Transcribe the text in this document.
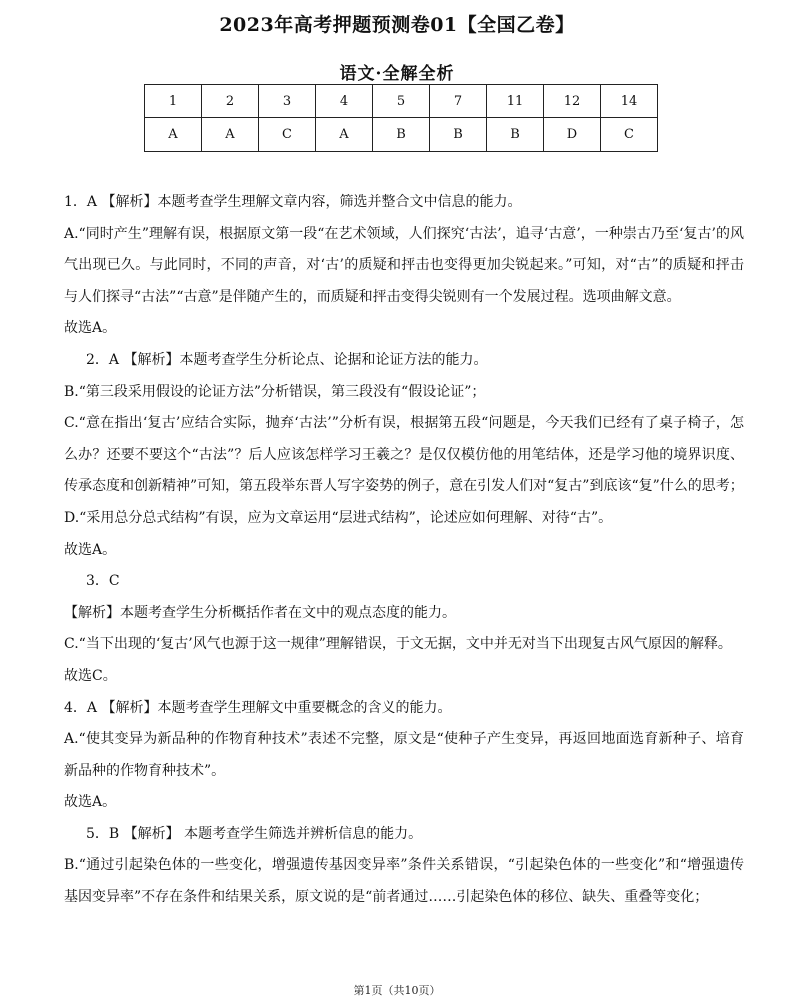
2023年高考押题预测卷01【全国乙卷】
语文·全解全析
1	2	3	4	5	7	11	12	14
A	A	C	A	B	B	B	D	C

1．A 【解析】本题考查学生理解文章内容，筛选并整合文中信息的能力。

A.“同时产生”理解有误，根据原文第一段“在艺术领域，人们探究‘古法’，追寻‘古意’，一种崇古乃至‘复古’的风气出现已久。与此同时，不同的声音，对‘古’的质疑和抨击也变得更加尖锐起来。”可知，对“古”的质疑和抨击与人们探寻“古法”“古意”是伴随产生的，而质疑和抨击变得尖锐则有一个发展过程。选项曲解文意。

故选A。

2．A 【解析】本题考查学生分析论点、论据和论证方法的能力。

B.“第三段采用假设的论证方法”分析错误，第三段没有“假设论证”；

C.“意在指出‘复古’应结合实际，抛弃‘古法’”分析有误，根据第五段“问题是，今天我们已经有了桌子椅子，怎么办？还要不要这个“古法”？后人应该怎样学习王羲之？是仅仅模仿他的用笔结体，还是学习他的境界识度、传承态度和创新精神”可知，第五段举东晋人写字姿势的例子，意在引发人们对“复古”到底该“复”什么的思考；

D.“采用总分总式结构”有误，应为文章运用“层进式结构”，论述应如何理解、对待“古”。

故选A。

3．C

【解析】本题考查学生分析概括作者在文中的观点态度的能力。

C.“当下出现的‘复古’风气也源于这一规律”理解错误，于文无据，文中并无对当下出现复古风气原因的解释。

故选C。

4．A 【解析】本题考查学生理解文中重要概念的含义的能力。

A.“使其变异为新品种的作物育种技术”表述不完整，原文是“使种子产生变异，再返回地面选育新种子、培育新品种的作物育种技术”。

故选A。

5．B 【解析】 本题考查学生筛选并辨析信息的能力。

B.“通过引起染色体的一些变化，增强遗传基因变异率”条件关系错误，“引起染色体的一些变化”和“增强遗传基因变异率”不存在条件和结果关系，原文说的是“前者通过……引起染色体的移位、缺失、重叠等变化；

第1页（共10页）
